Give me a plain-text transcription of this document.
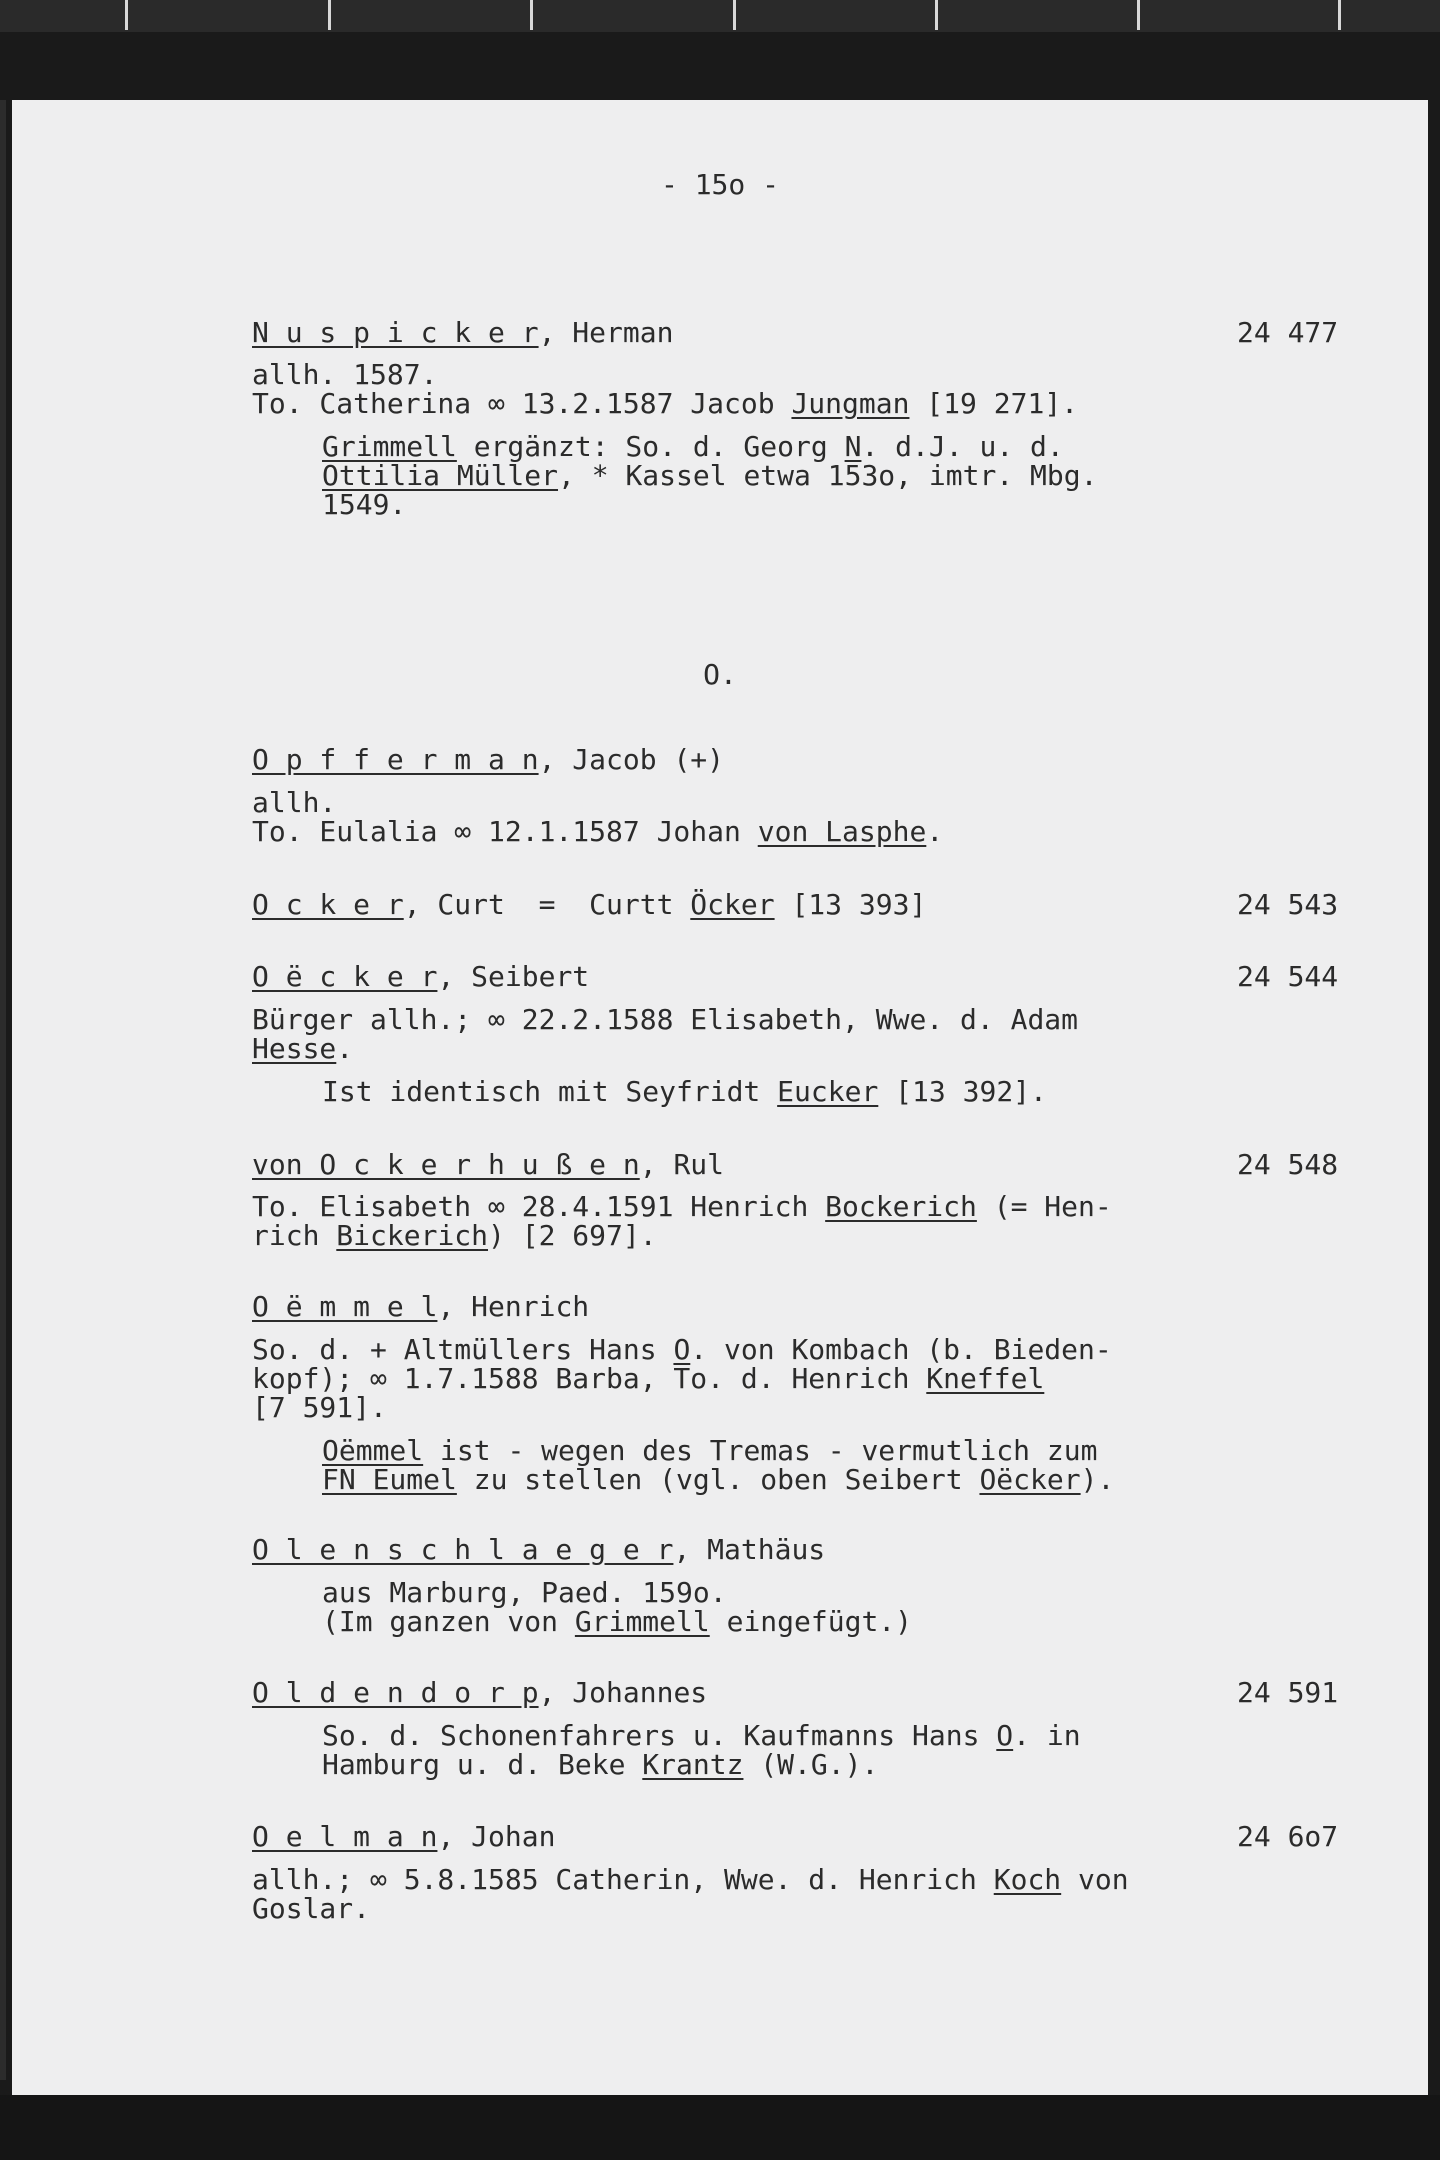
- 15o -
N u s p i c k e r, Herman	24 477
allh. 1587.
To. Catherina ∞ 13.2.1587 Jacob Jungman [19 271].
Grimmell ergänzt: So. d. Georg N. d.J. u. d.
Ottilia Müller, * Kassel etwa 153o, imtr. Mbg.
1549.
O.
O p f f e r m a n, Jacob (+)
allh.
To. Eulalia ∞ 12.1.1587 Johan von Lasphe.
O c k e r, Curt  =  Curtt Öcker [13 393]	24 543
O ë c k e r, Seibert	24 544
Bürger allh.; ∞ 22.2.1588 Elisabeth, Wwe. d. Adam
Hesse.
Ist identisch mit Seyfridt Eucker [13 392].
von O c k e r h u ß e n, Rul	24 548
To. Elisabeth ∞ 28.4.1591 Henrich Bockerich (= Hen-
rich Bickerich) [2 697].
O ë m m e l, Henrich
So. d. + Altmüllers Hans O. von Kombach (b. Bieden-
kopf); ∞ 1.7.1588 Barba, To. d. Henrich Kneffel
[7 591].
Oëmmel ist - wegen des Tremas - vermutlich zum
FN Eumel zu stellen (vgl. oben Seibert Oëcker).
O l e n s c h l a e g e r, Mathäus
aus Marburg, Paed. 159o.
(Im ganzen von Grimmell eingefügt.)
O l d e n d o r p, Johannes	24 591
So. d. Schonenfahrers u. Kaufmanns Hans O. in
Hamburg u. d. Beke Krantz (W.G.).
O e l m a n, Johan	24 6o7
allh.; ∞ 5.8.1585 Catherin, Wwe. d. Henrich Koch von
Goslar.
